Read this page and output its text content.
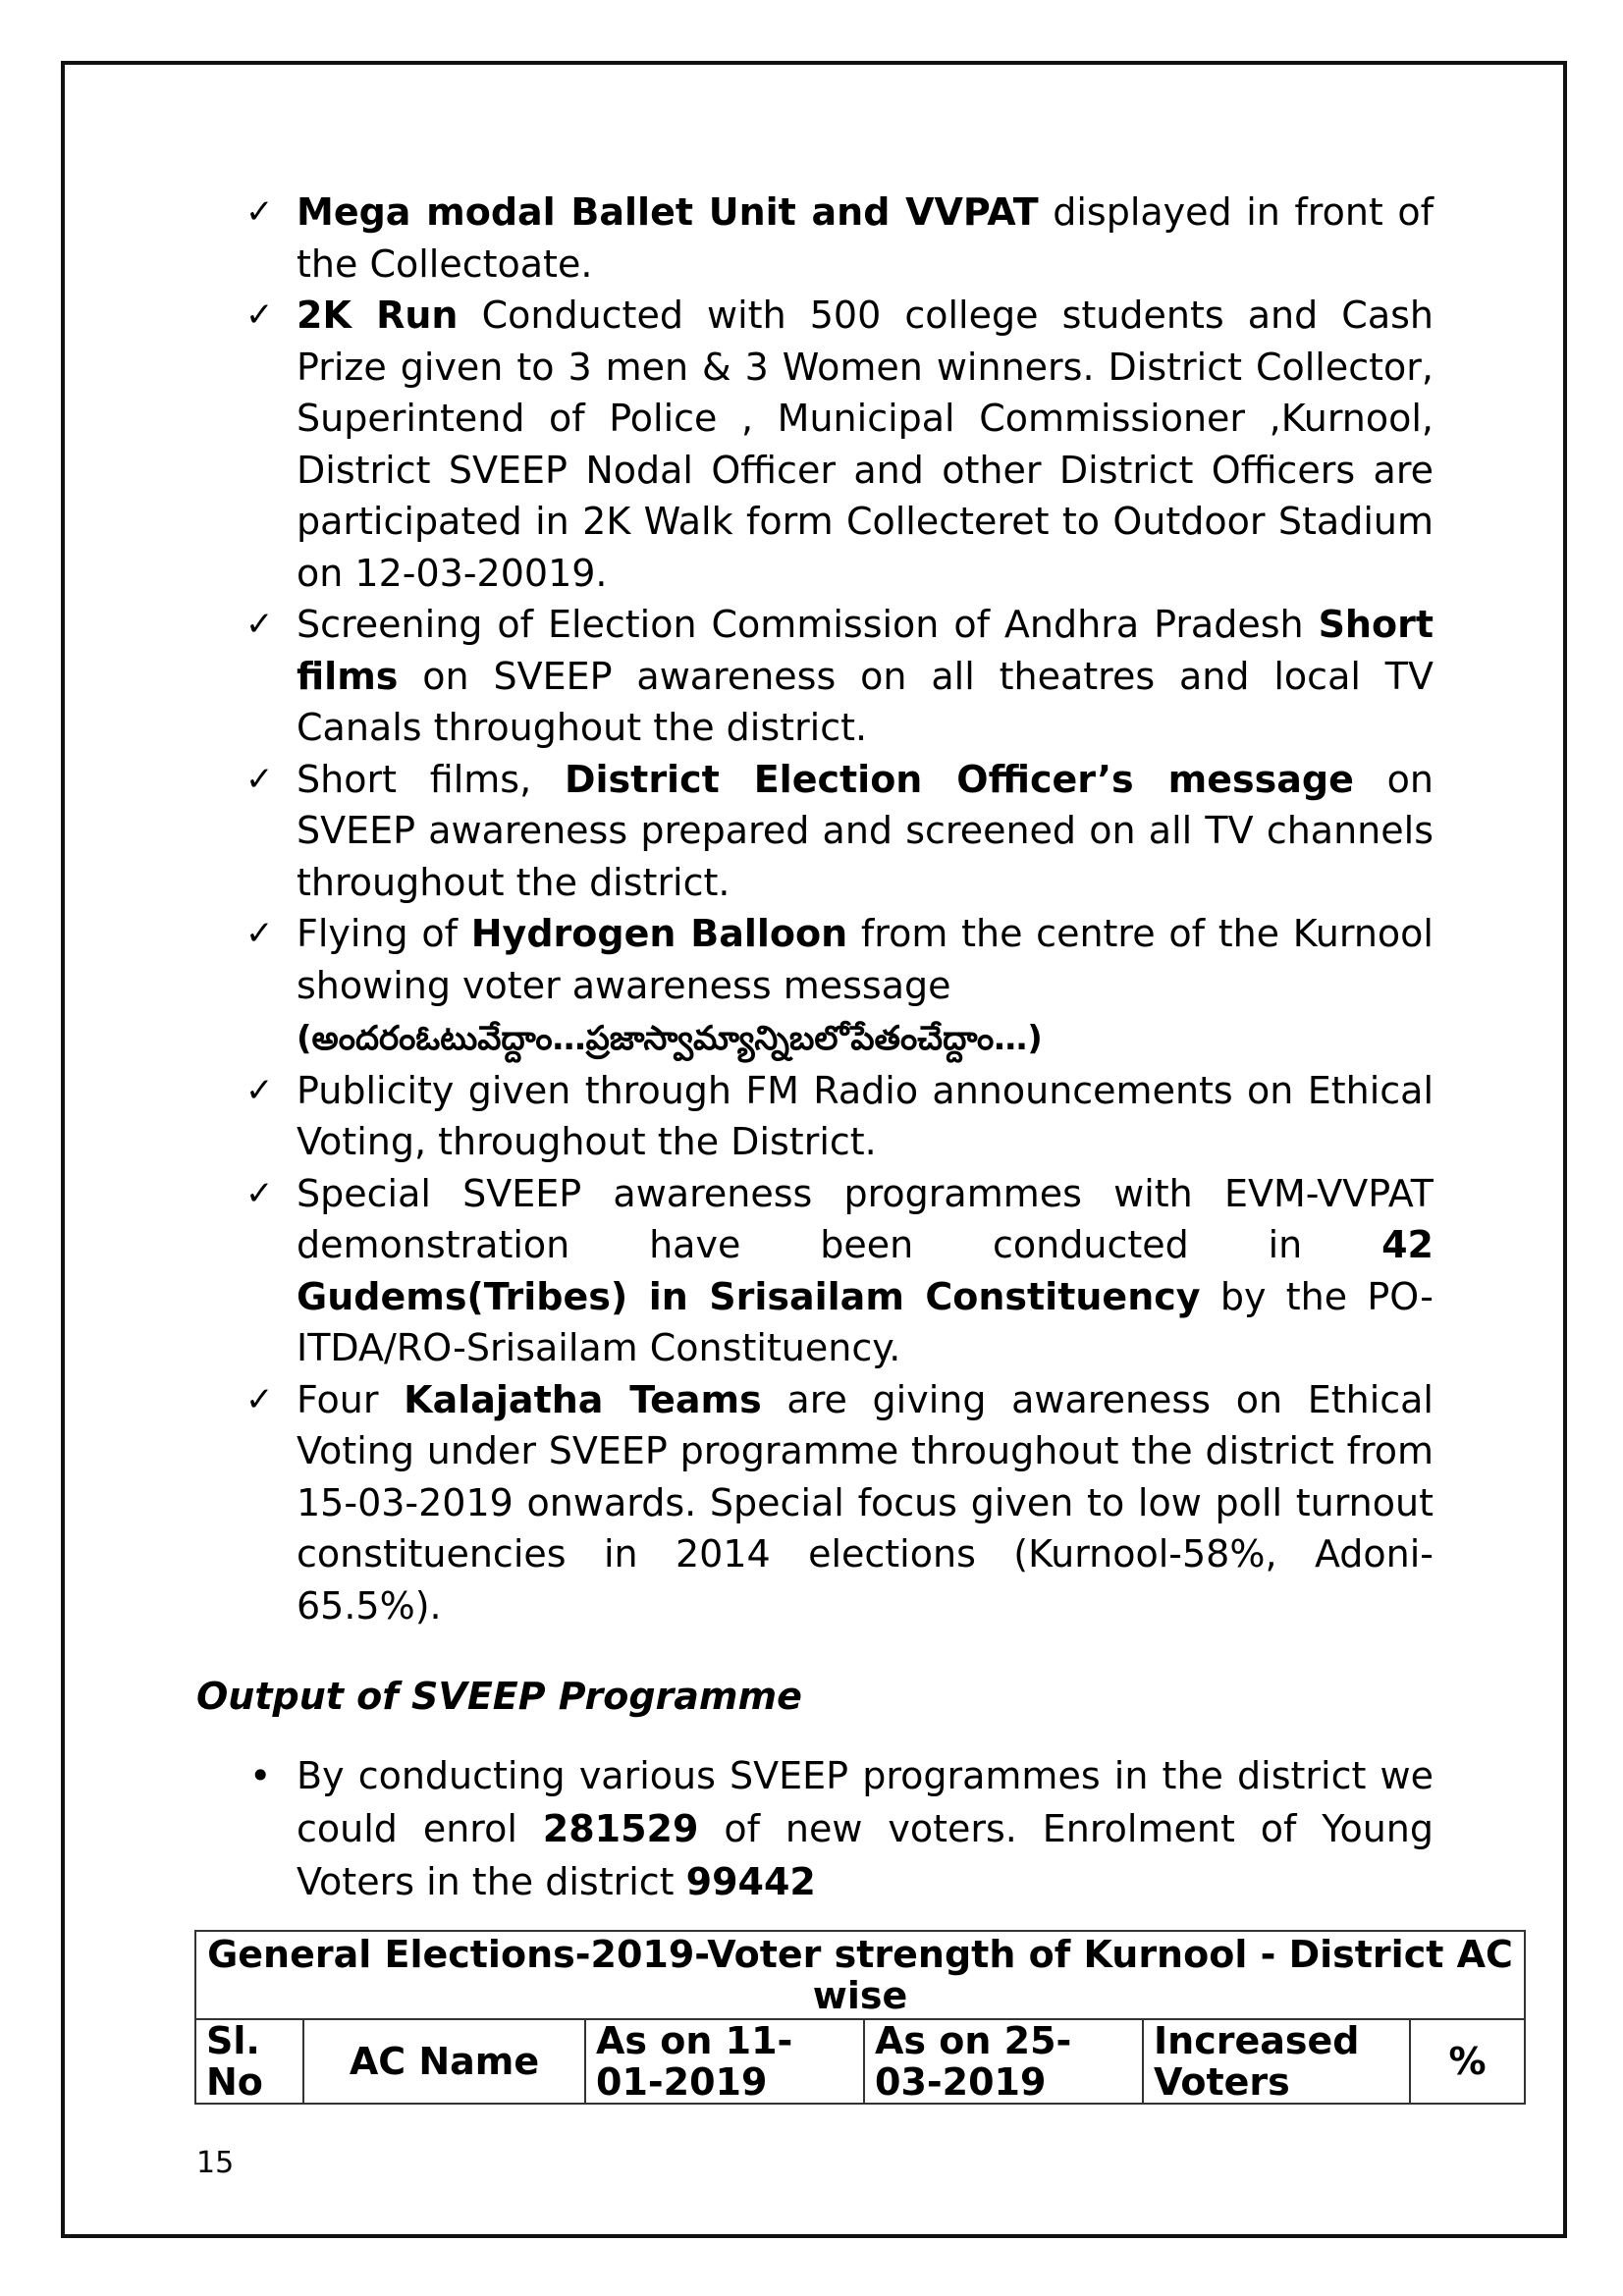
✓ Mega modal Ballet Unit and VVPAT displayed in front of the Collectoate.
✓ 2K Run Conducted with 500 college students and Cash Prize given to 3 men & 3 Women winners. District Collector, Superintend of Police , Municipal Commissioner ,Kurnool, District SVEEP Nodal Officer and other District Officers are participated in 2K Walk form Collecteret to Outdoor Stadium on 12-03-20019.
✓ Screening of Election Commission of Andhra Pradesh Short films on SVEEP awareness on all theatres and local TV Canals throughout the district.
✓ Short films, District Election Officer’s message on SVEEP awareness prepared and screened on all TV channels throughout the district.
✓ Flying of Hydrogen Balloon from the centre of the Kurnool showing voter awareness message
(అందరంఓటువేద్దాం…ప్రజాస్వామ్యాన్నిబలోపేతంచేద్దాం…)
✓ Publicity given through FM Radio announcements on Ethical Voting, throughout the District.
✓ Special SVEEP awareness programmes with EVM-VVPAT demonstration have been conducted in 42 Gudems(Tribes) in Srisailam Constituency by the PO-ITDA/RO-Srisailam Constituency.
✓ Four Kalajatha Teams are giving awareness on Ethical Voting under SVEEP programme throughout the district from 15-03-2019 onwards. Special focus given to low poll turnout constituencies in 2014 elections (Kurnool-58%, Adoni-65.5%).
Output of SVEEP Programme
• By conducting various SVEEP programmes in the district we could enrol 281529 of new voters. Enrolment of Young Voters in the district 99442
General Elections-2019-Voter strength of Kurnool - District AC wise
Sl. No	AC Name	As on 11-01-2019	As on 25-03-2019	Increased Voters	%
15
